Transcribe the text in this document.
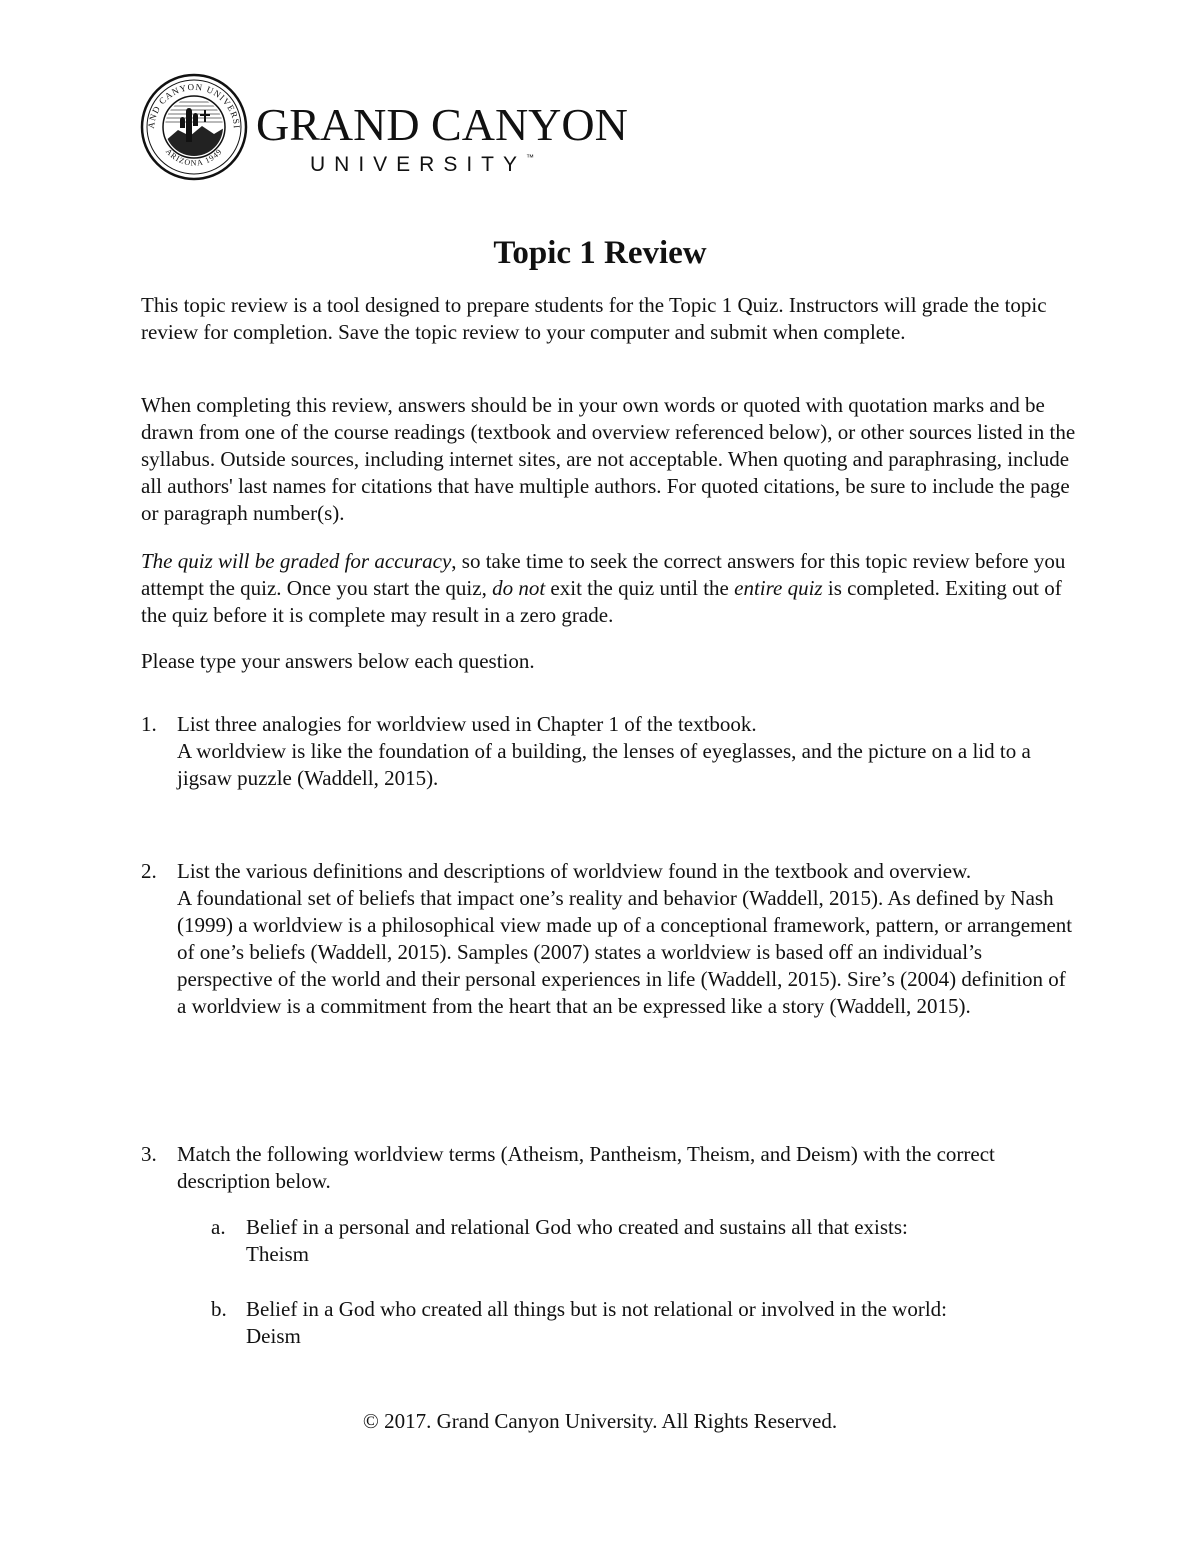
AND CANYON UNIVERSI
ARIZONA 1949
GRAND CANYON
UNIVERSITY™
Topic 1 Review

This topic review is a tool designed to prepare students for the Topic 1 Quiz. Instructors will grade the topic review for completion. Save the topic review to your computer and submit when complete.

When completing this review, answers should be in your own words or quoted with quotation marks and be drawn from one of the course readings (textbook and overview referenced below), or other sources listed in the syllabus. Outside sources, including internet sites, are not acceptable. When quoting and paraphrasing, include all authors' last names for citations that have multiple authors. For quoted citations, be sure to include the page or paragraph number(s).

The quiz will be graded for accuracy, so take time to seek the correct answers for this topic review before you attempt the quiz. Once you start the quiz, do not exit the quiz until the entire quiz is completed. Exiting out of the quiz before it is complete may result in a zero grade.

Please type your answers below each question.

1. List three analogies for worldview used in Chapter 1 of the textbook.
A worldview is like the foundation of a building, the lenses of eyeglasses, and the picture on a lid to a jigsaw puzzle (Waddell, 2015).
2. List the various definitions and descriptions of worldview found in the textbook and overview.
A foundational set of beliefs that impact one’s reality and behavior (Waddell, 2015). As defined by Nash (1999) a worldview is a philosophical view made up of a conceptional framework, pattern, or arrangement of one’s beliefs (Waddell, 2015). Samples (2007) states a worldview is based off an individual’s perspective of the world and their personal experiences in life (Waddell, 2015). Sire’s (2004) definition of a worldview is a commitment from the heart that an be expressed like a story (Waddell, 2015).
3. Match the following worldview terms (Atheism, Pantheism, Theism, and Deism) with the correct description below.
a. Belief in a personal and relational God who created and sustains all that exists:
Theism
b. Belief in a God who created all things but is not relational or involved in the world:
Deism
© 2017. Grand Canyon University. All Rights Reserved.
